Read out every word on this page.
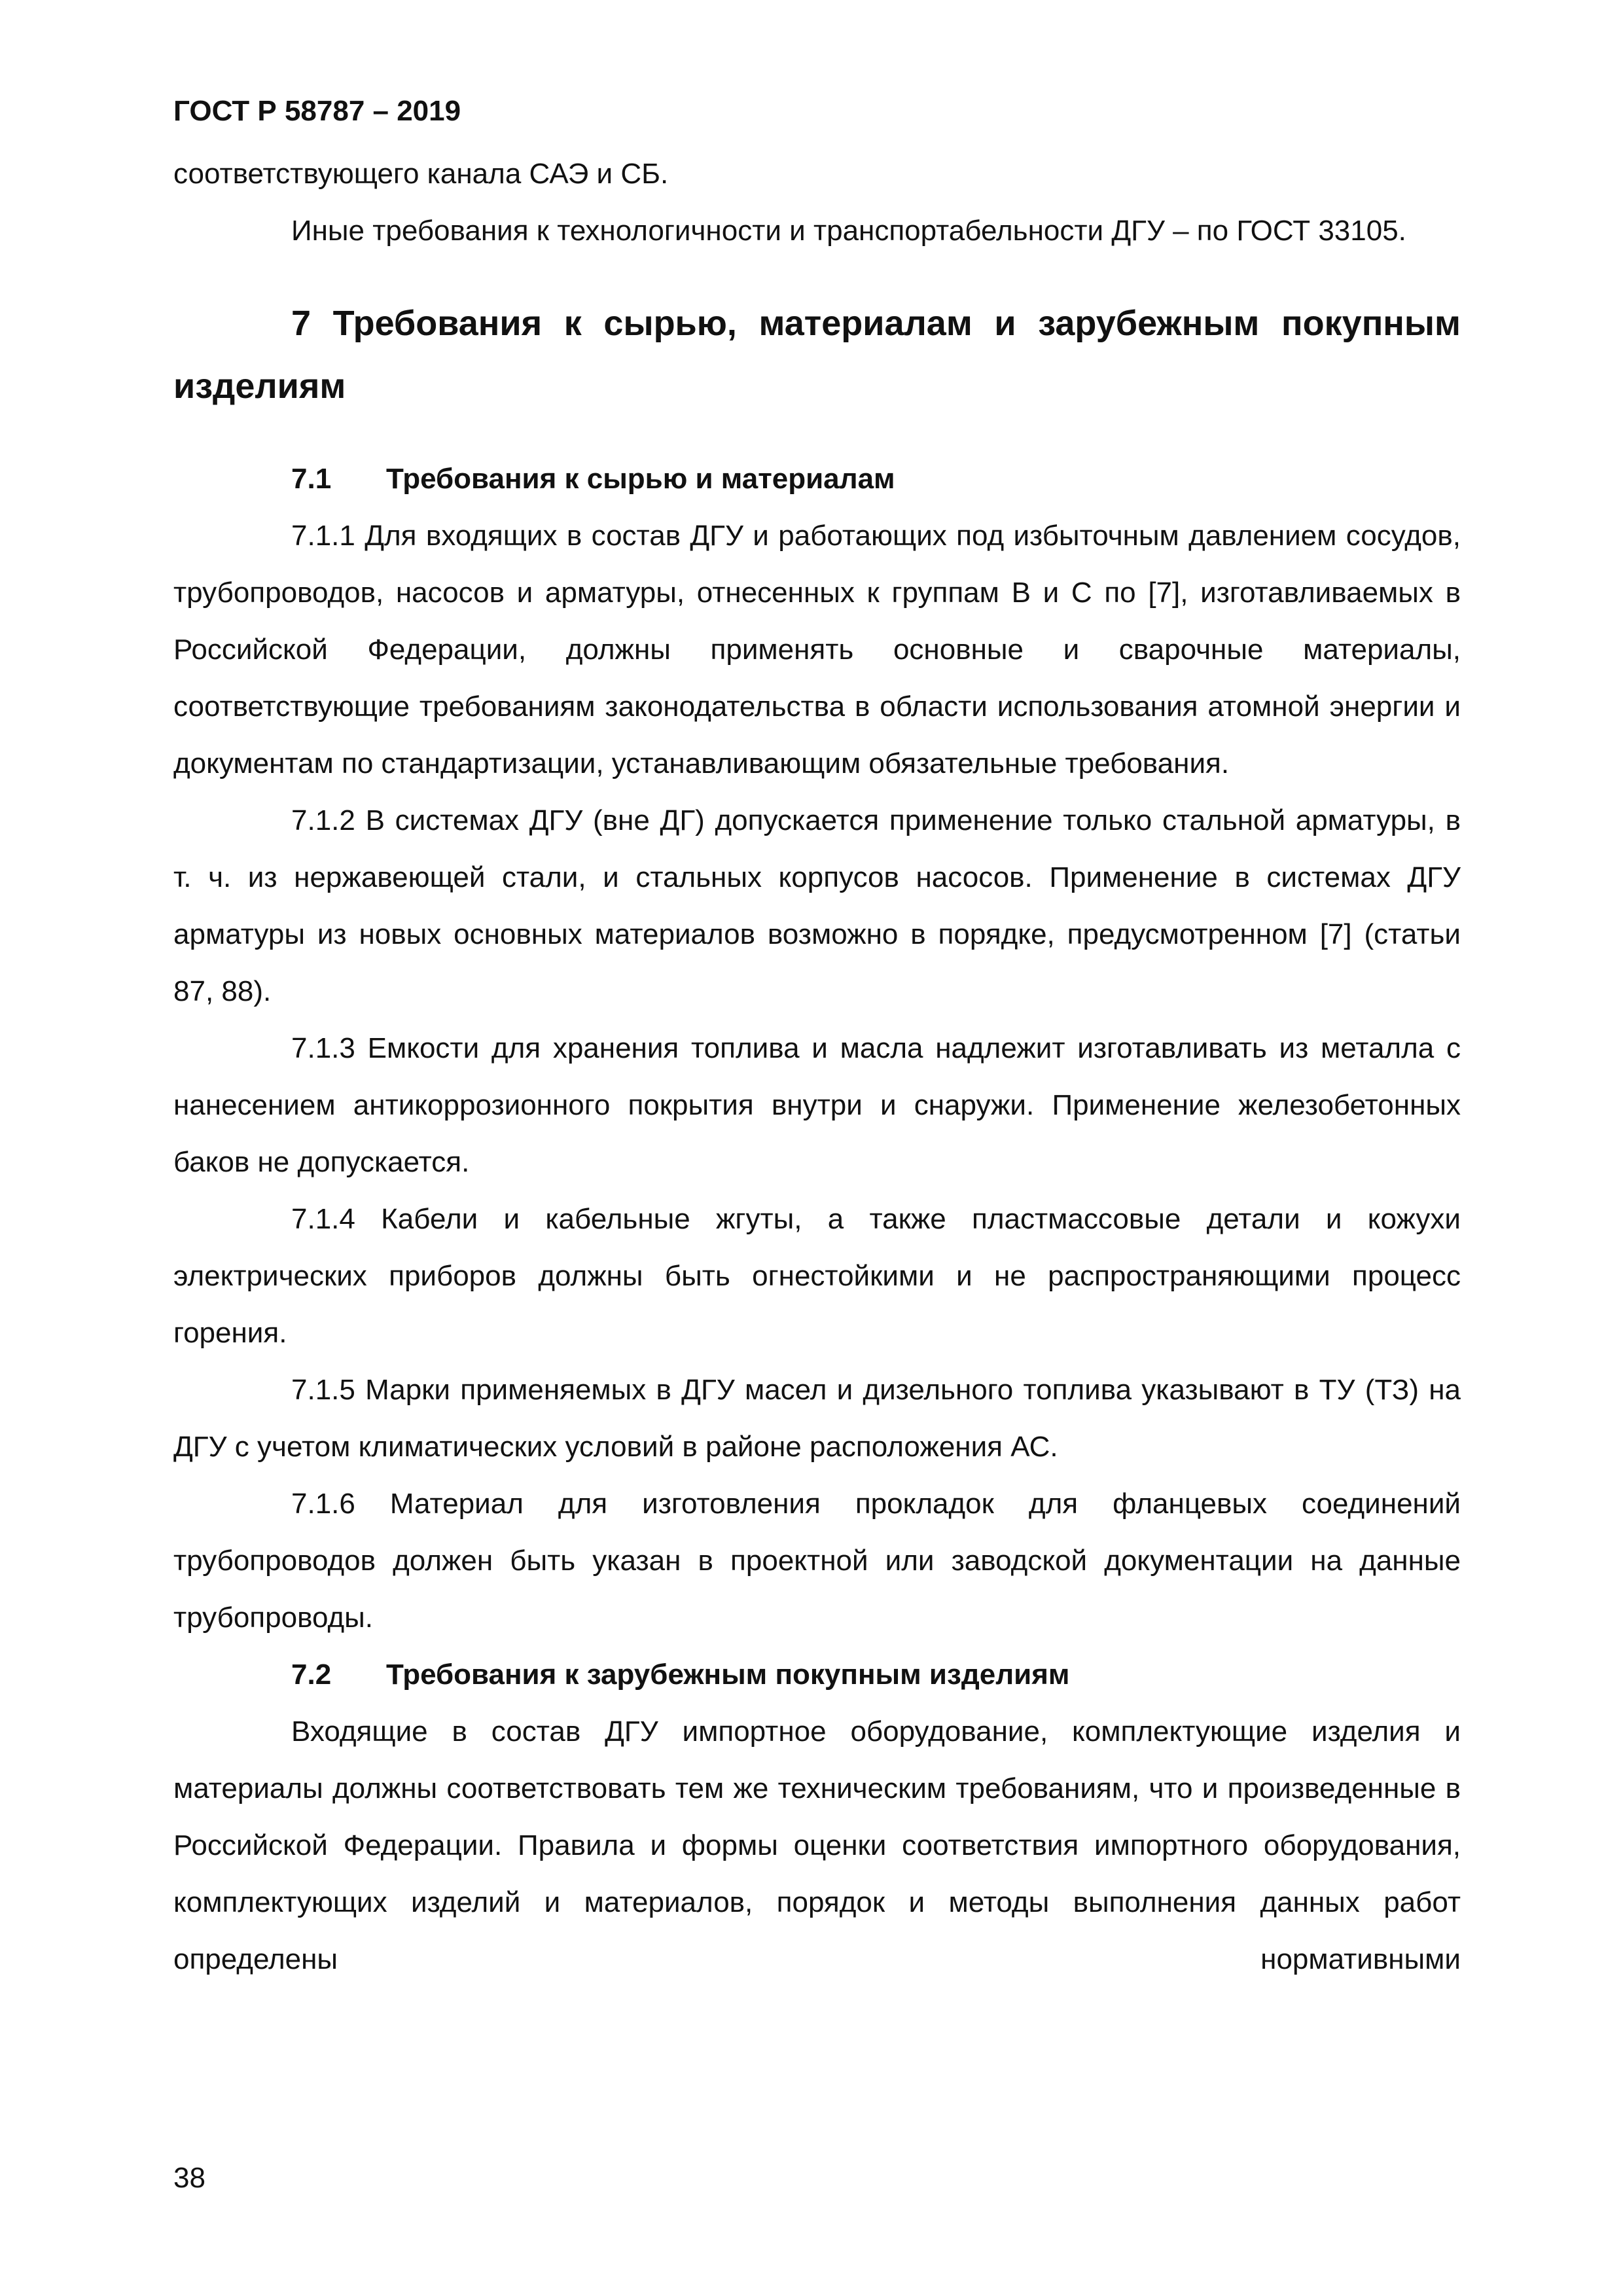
ГОСТ Р 58787 – 2019

соответствующего канала САЭ и СБ.

Иные требования к технологичности и транспортабельности ДГУ – по ГОСТ 33105.

7 Требования к сырью, материалам и зарубежным покупным изделиям

7.1 Требования к сырью и материалам

7.1.1 Для входящих в состав ДГУ и работающих под избыточным давлением сосудов, трубопроводов, насосов и арматуры, отнесенных к группам В и С по [7], изготавливаемых в Российской Федерации, должны применять основные и сварочные материалы, соответствующие требованиям законодательства в области использования атомной энергии и документам по стандартизации, устанавливающим обязательные требования.

7.1.2 В системах ДГУ (вне ДГ) допускается применение только стальной арматуры, в т. ч. из нержавеющей стали, и стальных корпусов насосов. Применение в системах ДГУ арматуры из новых основных материалов возможно в порядке, предусмотренном [7] (статьи 87, 88).

7.1.3 Емкости для хранения топлива и масла надлежит изготавливать из металла с нанесением антикоррозионного покрытия внутри и снаружи. Применение железобетонных баков не допускается.

7.1.4 Кабели и кабельные жгуты, а также пластмассовые детали и кожухи электрических приборов должны быть огнестойкими и не распространяющими процесс горения.

7.1.5 Марки применяемых в ДГУ масел и дизельного топлива указывают в ТУ (ТЗ) на ДГУ с учетом климатических условий в районе расположения АС.

7.1.6 Материал для изготовления прокладок для фланцевых соединений трубопроводов должен быть указан в проектной или заводской документации на данные трубопроводы.

7.2 Требования к зарубежным покупным изделиям

Входящие в состав ДГУ импортное оборудование, комплектующие изделия и материалы должны соответствовать тем же техническим требованиям, что и произведенные в Российской Федерации. Правила и формы оценки соответствия импортного оборудования, комплектующих изделий и материалов, порядок и методы выполнения данных работ определены нормативными

38
